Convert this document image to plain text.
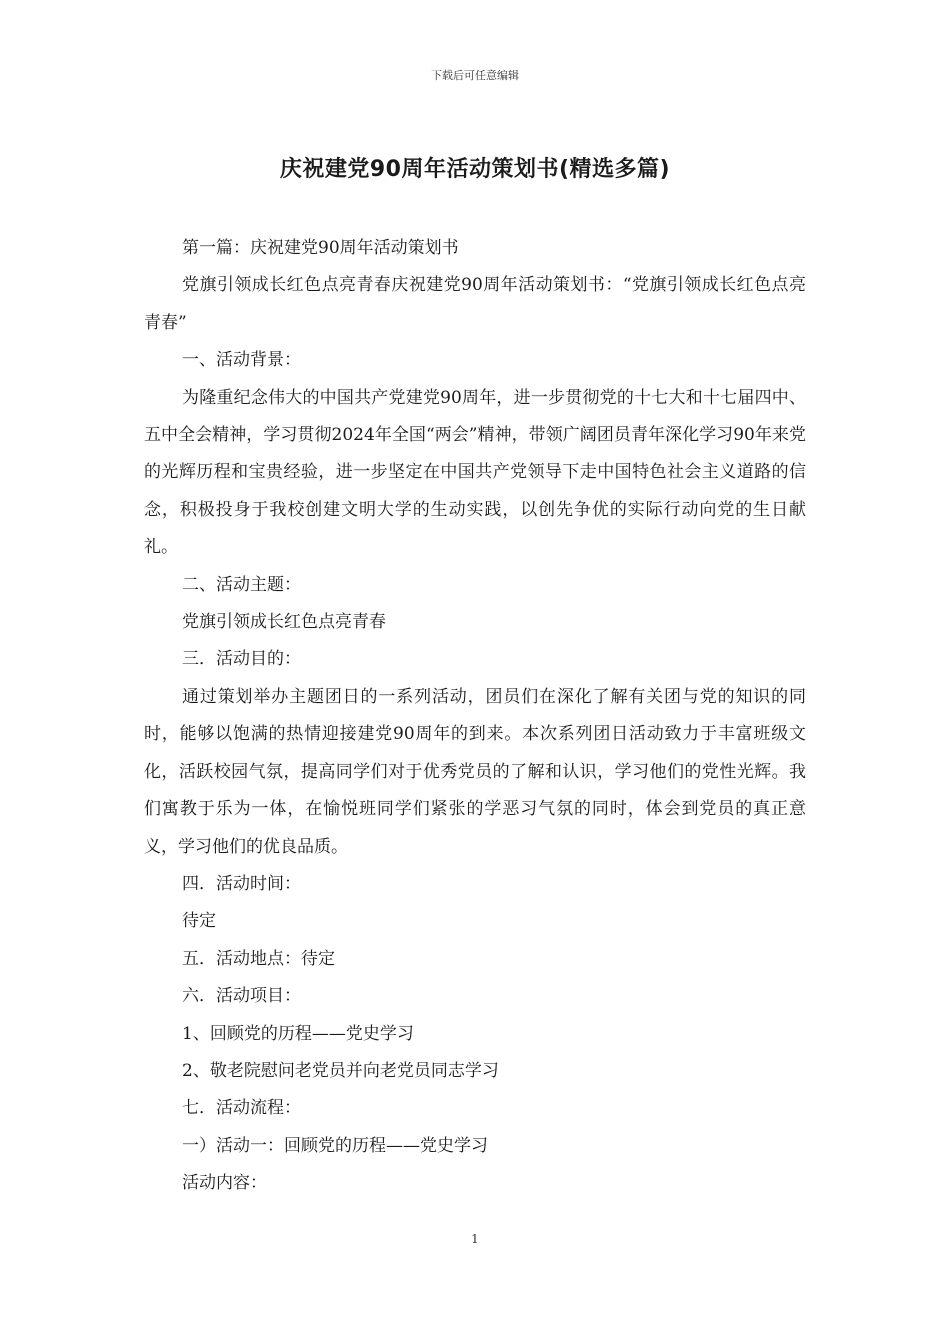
下载后可任意编辑
庆祝建党90周年活动策划书(精选多篇)

第一篇：庆祝建党90周年活动策划书

党旗引领成长红色点亮青春庆祝建党90周年活动策划书：“党旗引领成长红色点亮青春”

一、活动背景：

为隆重纪念伟大的中国共产党建党90周年，进一步贯彻党的十七大和十七届四中、五中全会精神，学习贯彻2024年全国“两会”精神，带领广阔团员青年深化学习90年来党的光辉历程和宝贵经验，进一步坚定在中国共产党领导下走中国特色社会主义道路的信念，积极投身于我校创建文明大学的生动实践，以创先争优的实际行动向党的生日献礼。

二、活动主题：

党旗引领成长红色点亮青春

三．活动目的：

通过策划举办主题团日的一系列活动，团员们在深化了解有关团与党的知识的同时，能够以饱满的热情迎接建党90周年的到来。本次系列团日活动致力于丰富班级文化，活跃校园气氛，提高同学们对于优秀党员的了解和认识，学习他们的党性光辉。我们寓教于乐为一体，在愉悦班同学们紧张的学恶习气氛的同时，体会到党员的真正意义，学习他们的优良品质。

四．活动时间：

待定

五．活动地点：待定

六．活动项目：

1、回顾党的历程——党史学习

2、敬老院慰问老党员并向老党员同志学习

七．活动流程：

一）活动一：回顾党的历程——党史学习

活动内容：

1
